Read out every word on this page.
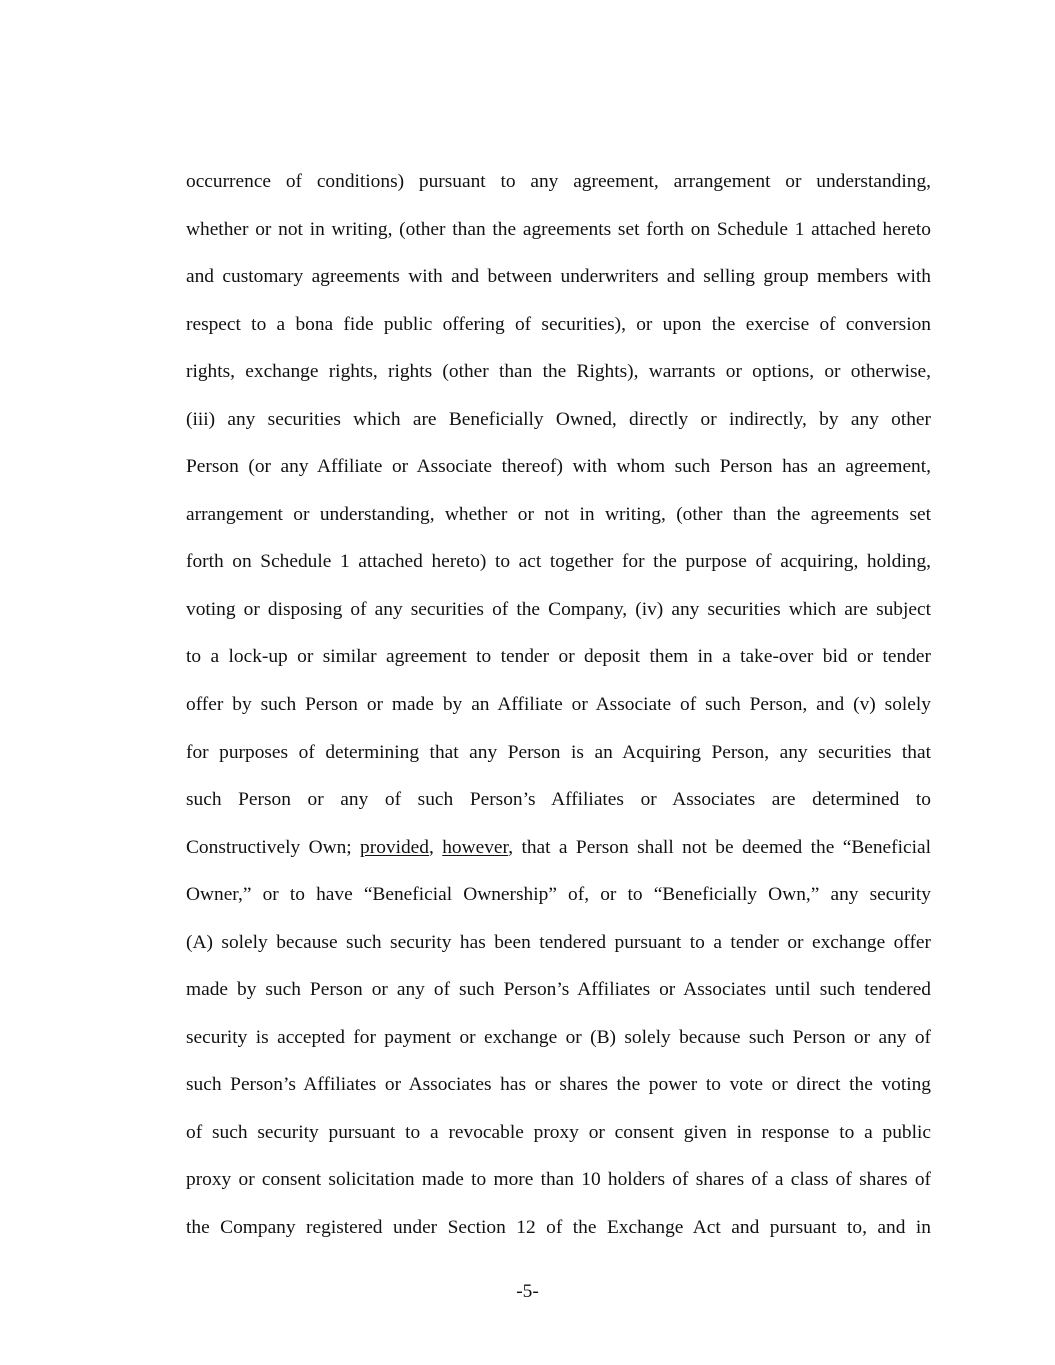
occurrence of conditions) pursuant to any agreement, arrangement or understanding,
whether or not in writing, (other than the agreements set forth on Schedule 1 attached hereto
and customary agreements with and between underwriters and selling group members with
respect to a bona fide public offering of securities), or upon the exercise of conversion
rights, exchange rights, rights (other than the Rights), warrants or options, or otherwise,
(iii) any securities which are Beneficially Owned, directly or indirectly, by any other
Person (or any Affiliate or Associate thereof) with whom such Person has an agreement,
arrangement or understanding, whether or not in writing, (other than the agreements set
forth on Schedule 1 attached hereto) to act together for the purpose of acquiring, holding,
voting or disposing of any securities of the Company, (iv) any securities which are subject
to a lock-up or similar agreement to tender or deposit them in a take-over bid or tender
offer by such Person or made by an Affiliate or Associate of such Person, and (v) solely
for purposes of determining that any Person is an Acquiring Person, any securities that
such Person or any of such Person’s Affiliates or Associates are determined to
Constructively Own; provided, however, that a Person shall not be deemed the “Beneficial
Owner,” or to have “Beneficial Ownership” of, or to “Beneficially Own,” any security
(A) solely because such security has been tendered pursuant to a tender or exchange offer
made by such Person or any of such Person’s Affiliates or Associates until such tendered
security is accepted for payment or exchange or (B) solely because such Person or any of
such Person’s Affiliates or Associates has or shares the power to vote or direct the voting
of such security pursuant to a revocable proxy or consent given in response to a public
proxy or consent solicitation made to more than 10 holders of shares of a class of shares of
the Company registered under Section 12 of the Exchange Act and pursuant to, and in
-5-
